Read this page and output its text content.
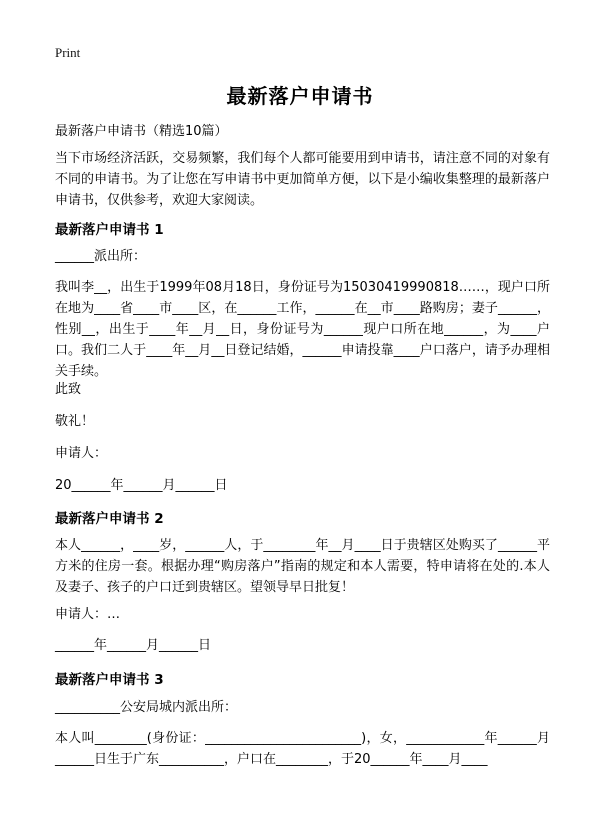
Print
最新落户申请书
最新落户申请书（精选10篇）
当下市场经济活跃，交易频繁，我们每个人都可能要用到申请书，请注意不同的对象有不同的申请书。为了让您在写申请书中更加简单方便，以下是小编收集整理的最新落户申请书，仅供参考，欢迎大家阅读。
最新落户申请书 1
______派出所：
我叫李__，出生于1999年08月18日，身份证号为15030419990818……，现户口所在地为____省____市____区，在______工作，______在__市____路购房；妻子______，性别__，出生于____年__月__日，身份证号为______现户口所在地______，为____户口。我们二人于____年__月__日登记结婚，______申请投靠____户口落户，请予办理相关手续。
此致
敬礼！
申请人：
20______年______月______日
最新落户申请书 2
本人______，____岁，______人，于________年__月____日于贵辖区处购买了______平方米的住房一套。根据办理“购房落户”指南的规定和本人需要，特申请将在处的.本人及妻子、孩子的户口迁到贵辖区。望领导早日批复！
申请人：…
______年______月______日
最新落户申请书 3
__________公安局城内派出所：
本人叫________(身份证：________________________)，女，____________年______月______日生于广东__________，户口在________，于20______年____月____
